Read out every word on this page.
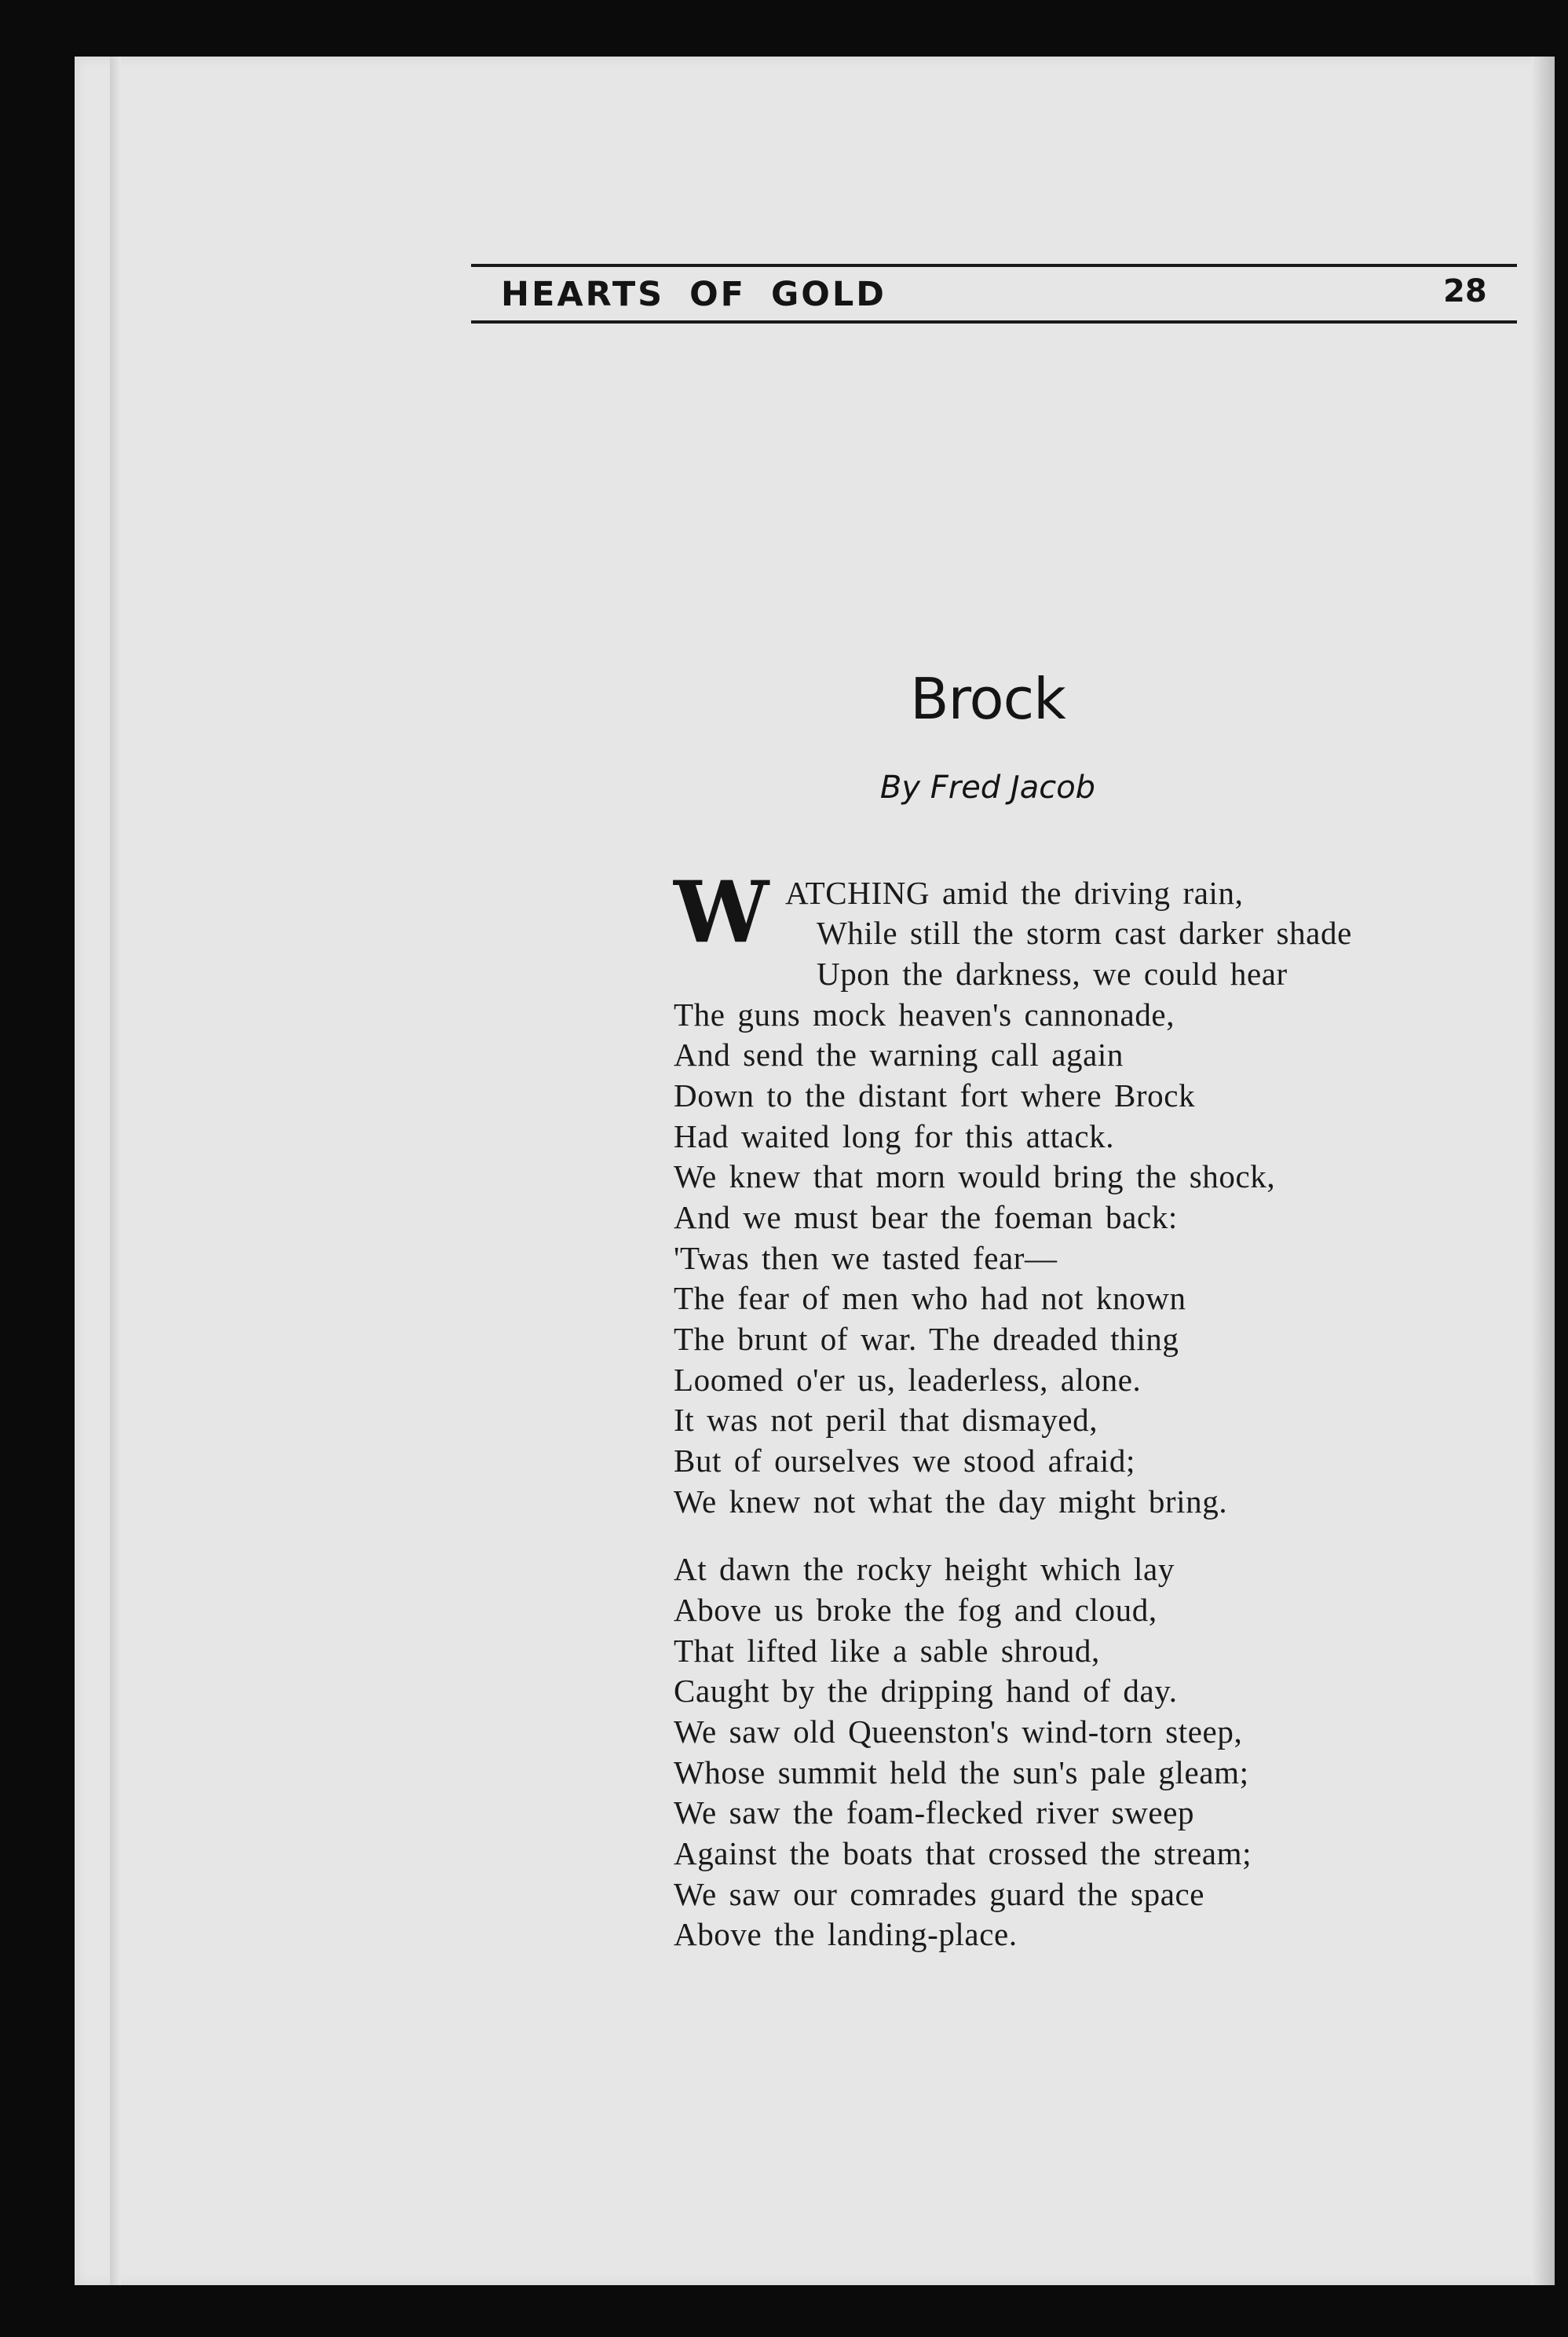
HEARTS OF GOLD	28
Brock
By Fred Jacob
W ATCHING amid the driving rain,
While still the storm cast darker shade
Upon the darkness, we could hear
The guns mock heaven's cannonade,
And send the warning call again
Down to the distant fort where Brock
Had waited long for this attack.
We knew that morn would bring the shock,
And we must bear the foeman back:
'Twas then we tasted fear—
The fear of men who had not known
The brunt of war. The dreaded thing
Loomed o'er us, leaderless, alone.
It was not peril that dismayed,
But of ourselves we stood afraid;
We knew not what the day might bring.
At dawn the rocky height which lay
Above us broke the fog and cloud,
That lifted like a sable shroud,
Caught by the dripping hand of day.
We saw old Queenston's wind-torn steep,
Whose summit held the sun's pale gleam;
We saw the foam-flecked river sweep
Against the boats that crossed the stream;
We saw our comrades guard the space
Above the landing-place.
